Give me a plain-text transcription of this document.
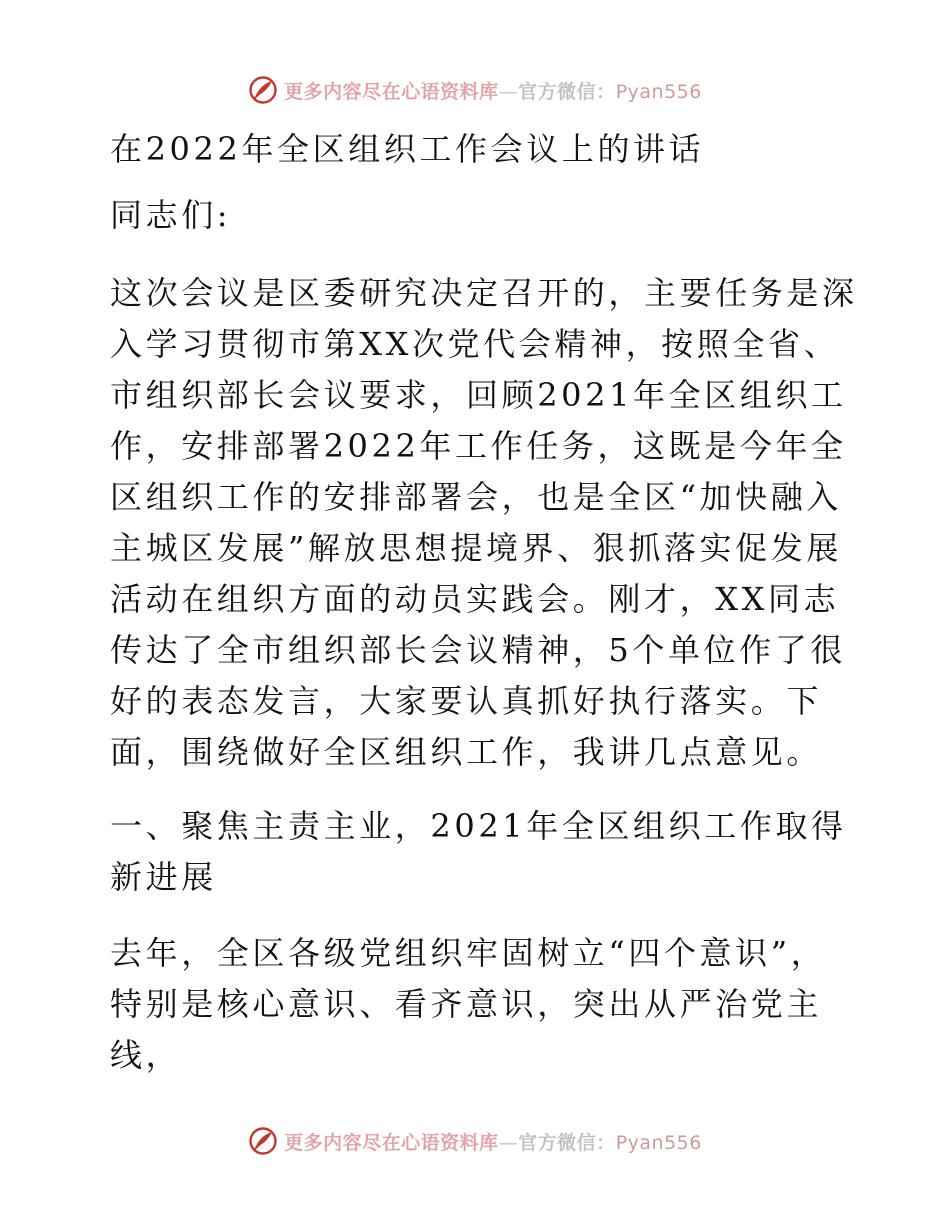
更多内容尽在心语资料库—官方微信：Pyan556

在2022年全区组织工作会议上的讲话

同志们:

这次会议是区委研究决定召开的，主要任务是深入学习贯彻市第XX次党代会精神，按照全省、市组织部长会议要求，回顾2021年全区组织工作，安排部署2022年工作任务，这既是今年全区组织工作的安排部署会，也是全区“加快融入主城区发展”解放思想提境界、狠抓落实促发展活动在组织方面的动员实践会。刚才，XX同志传达了全市组织部长会议精神，5个单位作了很好的表态发言，大家要认真抓好执行落实。下面，围绕做好全区组织工作，我讲几点意见。

一、聚焦主责主业，2021年全区组织工作取得新进展

去年，全区各级党组织牢固树立“四个意识”，特别是核心意识、看齐意识，突出从严治党主线，

更多内容尽在心语资料库—官方微信：Pyan556
